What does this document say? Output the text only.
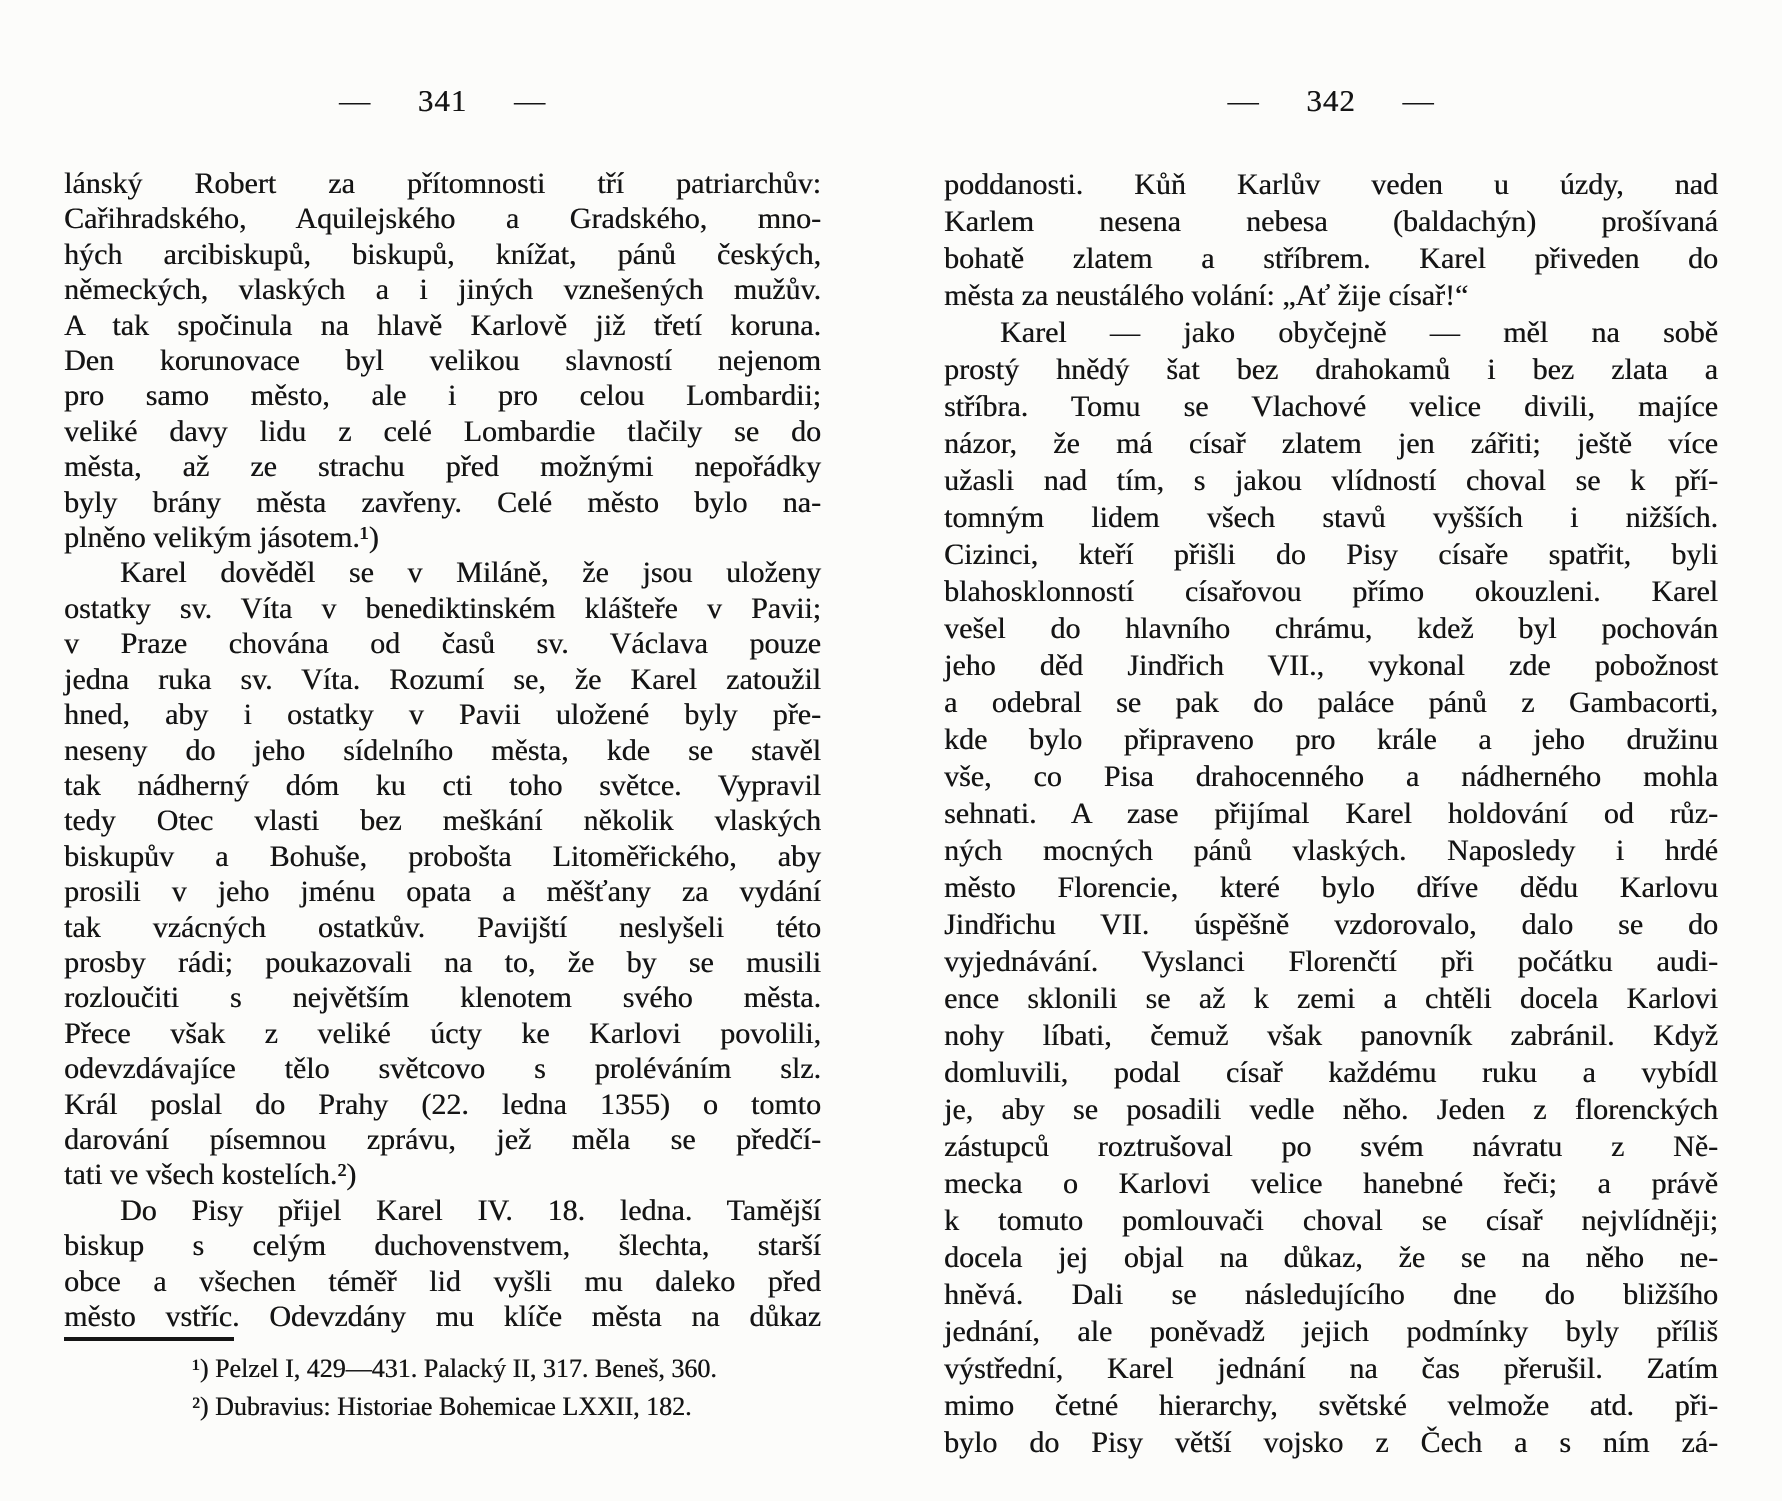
— 341 —
lánský Robert za přítomnosti tří patriarchův:
Cařihradského, Aquilejského a Gradského, mno-
hých arcibiskupů, biskupů, knížat, pánů českých,
německých, vlaských a i jiných vznešených mužův.
A tak spočinula na hlavě Karlově již třetí koruna.
Den korunovace byl velikou slavností nejenom
pro samo město, ale i pro celou Lombardii;
veliké davy lidu z celé Lombardie tlačily se do
města, až ze strachu před možnými nepořádky
byly brány města zavřeny. Celé město bylo na-
plněno velikým jásotem.¹)
Karel dověděl se v Miláně, že jsou uloženy
ostatky sv. Víta v benediktinském klášteře v Pavii;
v Praze chována od časů sv. Václava pouze
jedna ruka sv. Víta. Rozumí se, že Karel zatoužil
hned, aby i ostatky v Pavii uložené byly pře-
neseny do jeho sídelního města, kde se stavěl
tak nádherný dóm ku cti toho světce. Vypravil
tedy Otec vlasti bez meškání několik vlaských
biskupův a Bohuše, probošta Litoměřického, aby
prosili v jeho jménu opata a měšťany za vydání
tak vzácných ostatkův. Pavijští neslyšeli této
prosby rádi; poukazovali na to, že by se musili
rozloučiti s největším klenotem svého města.
Přece však z veliké úcty ke Karlovi povolili,
odevzdávajíce tělo světcovo s proléváním slz.
Král poslal do Prahy (22. ledna 1355) o tomto
darování písemnou zprávu, jež měla se předčí-
tati ve všech kostelích.²)
Do Pisy přijel Karel IV. 18. ledna. Tamější
biskup s celým duchovenstvem, šlechta, starší
obce a všechen téměř lid vyšli mu daleko před
město vstříc. Odevzdány mu klíče města na důkaz
¹) Pelzel I, 429—431. Palacký II, 317. Beneš, 360.
²) Dubravius: Historiae Bohemicae LXXII, 182.
— 342 —
poddanosti. Kůň Karlův veden u úzdy, nad
Karlem nesena nebesa (baldachýn) prošívaná
bohatě zlatem a stříbrem. Karel přiveden do
města za neustálého volání: „Ať žije císař!“
Karel — jako obyčejně — měl na sobě
prostý hnědý šat bez drahokamů i bez zlata a
stříbra. Tomu se Vlachové velice divili, majíce
názor, že má císař zlatem jen zářiti; ještě více
užasli nad tím, s jakou vlídností choval se k pří-
tomným lidem všech stavů vyšších i nižších.
Cizinci, kteří přišli do Pisy císaře spatřit, byli
blahosklonností císařovou přímo okouzleni. Karel
vešel do hlavního chrámu, kdež byl pochován
jeho děd Jindřich VII., vykonal zde pobožnost
a odebral se pak do paláce pánů z Gambacorti,
kde bylo připraveno pro krále a jeho družinu
vše, co Pisa drahocenného a nádherného mohla
sehnati. A zase přijímal Karel holdování od růz-
ných mocných pánů vlaských. Naposledy i hrdé
město Florencie, které bylo dříve dědu Karlovu
Jindřichu VII. úspěšně vzdorovalo, dalo se do
vyjednávání. Vyslanci Florenčtí při počátku audi-
ence sklonili se až k zemi a chtěli docela Karlovi
nohy líbati, čemuž však panovník zabránil. Když
domluvili, podal císař každému ruku a vybídl
je, aby se posadili vedle něho. Jeden z florenckých
zástupců roztrušoval po svém návratu z Ně-
mecka o Karlovi velice hanebné řeči; a právě
k tomuto pomlouvači choval se císař nejvlídněji;
docela jej objal na důkaz, že se na něho ne-
hněvá. Dali se následujícího dne do bližšího
jednání, ale poněvadž jejich podmínky byly příliš
výstřední, Karel jednání na čas přerušil. Zatím
mimo četné hierarchy, světské velmože atd. při-
bylo do Pisy větší vojsko z Čech a s ním zá-
